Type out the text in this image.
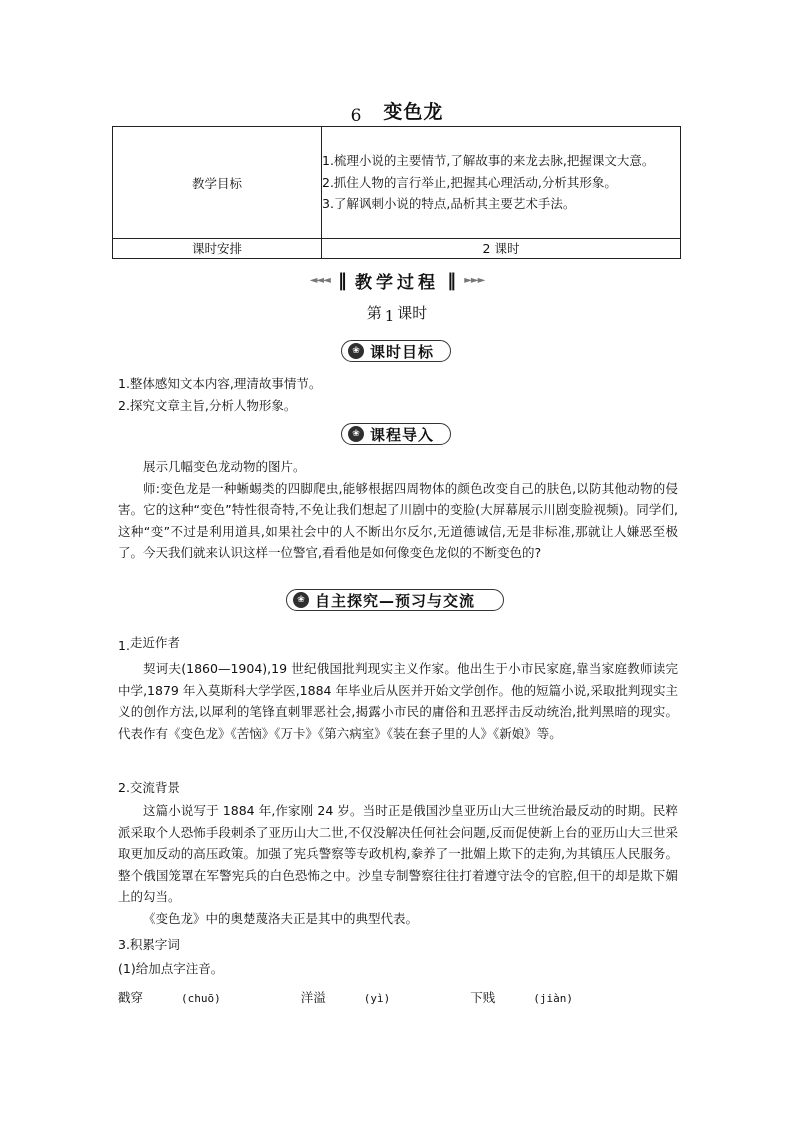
6 变色龙
教学目标	1.梳理小说的主要情节,了解故事的来龙去脉,把握课文大意。
2.抓住人物的言行举止,把握其心理活动,分析其形象。
3.了解讽刺小说的特点,品析其主要艺术手法。

课时安排	2 课时
◄◄◄ ‖ 教学过程 ‖ ►►►
第 1 课时
❀ 课时目标
1.整体感知文本内容,理清故事情节。
2.探究文章主旨,分析人物形象。
❀ 课程导入

展示几幅变色龙动物的图片。

师:变色龙是一种蜥蜴类的四脚爬虫,能够根据四周物体的颜色改变自己的肤色,以防其他动物的侵害。它的这种“变色”特性很奇特,不免让我们想起了川剧中的变脸(大屏幕展示川剧变脸视频)。同学们,这种“变”不过是利用道具,如果社会中的人不断出尔反尔,无道德诚信,无是非标准,那就让人嫌恶至极了。今天我们就来认识这样一位警官,看看他是如何像变色龙似的不断变色的?

❀ 自主探究—预习与交流
1.走近作者

契诃夫(1860—1904),19 世纪俄国批判现实主义作家。他出生于小市民家庭,靠当家庭教师读完中学,1879 年入莫斯科大学学医,1884 年毕业后从医并开始文学创作。他的短篇小说,采取批判现实主义的创作方法,以犀利的笔锋直刺罪恶社会,揭露小市民的庸俗和丑恶抨击反动统治,批判黑暗的现实。代表作有《变色龙》《苦恼》《万卡》《第六病室》《装在套子里的人》《新娘》等。

2.交流背景

这篇小说写于 1884 年,作家刚 24 岁。当时正是俄国沙皇亚历山大三世统治最反动的时期。民粹派采取个人恐怖手段刺杀了亚历山大二世,不仅没解决任何社会问题,反而促使新上台的亚历山大三世采取更加反动的高压政策。加强了宪兵警察等专政机构,豢养了一批媚上欺下的走狗,为其镇压人民服务。整个俄国笼罩在军警宪兵的白色恐怖之中。沙皇专制警察往往打着遵守法令的官腔,但干的却是欺下媚上的勾当。

《变色龙》中的奥楚蔑洛夫正是其中的典型代表。

3.积累字词
(1)给加点字注音。
戳穿	(chuō)	洋溢	(yì)	下贱	(jiàn)
